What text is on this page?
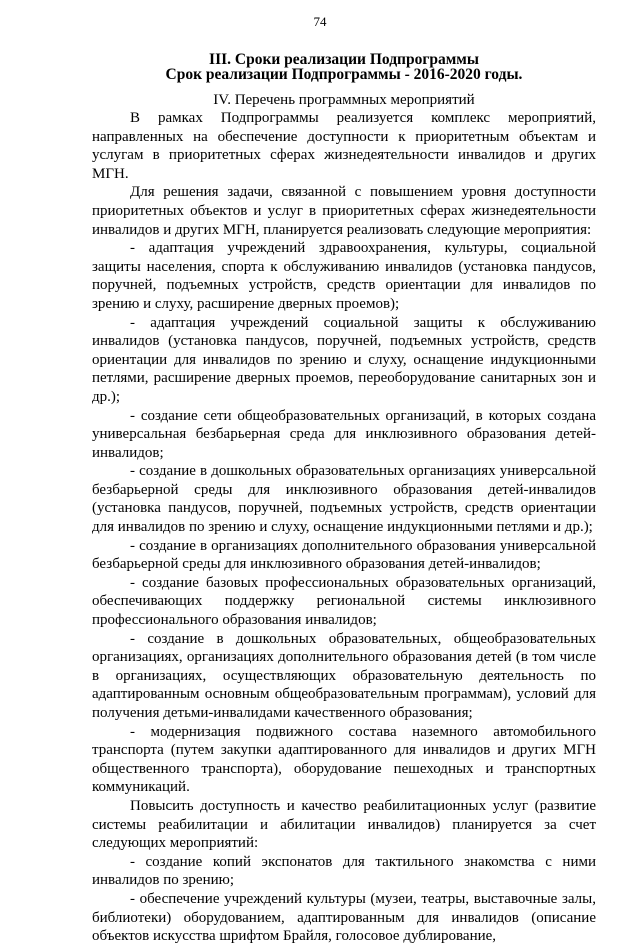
74

III. Сроки реализации Подпрограммы

Срок реализации Подпрограммы - 2016-2020 годы.

IV. Перечень программных мероприятий

В рамках Подпрограммы реализуется комплекс мероприятий, направленных на обеспечение доступности к приоритетным объектам и услугам в приоритетных сферах жизнедеятельности инвалидов и других МГН.

Для решения задачи, связанной с повышением уровня доступности приоритетных объектов и услуг в приоритетных сферах жизнедеятельности инвалидов и других МГН, планируется реализовать следующие мероприятия:

- адаптация учреждений здравоохранения, культуры, социальной защиты населения, спорта к обслуживанию инвалидов (установка пандусов, поручней, подъемных устройств, средств ориентации для инвалидов по зрению и слуху, расширение дверных проемов);

- адаптация учреждений социальной защиты к обслуживанию инвалидов (установка пандусов, поручней, подъемных устройств, средств ориентации для инвалидов по зрению и слуху, оснащение индукционными петлями, расширение дверных проемов, переоборудование санитарных зон и др.);

- создание сети общеобразовательных организаций, в которых создана универсальная безбарьерная среда для инклюзивного образования детей-инвалидов;

- создание в дошкольных образовательных организациях универсальной безбарьерной среды для инклюзивного образования детей-инвалидов (установка пандусов, поручней, подъемных устройств, средств ориентации для инвалидов по зрению и слуху, оснащение индукционными петлями и др.);

- создание в организациях дополнительного образования универсальной безбарьерной среды для инклюзивного образования детей-инвалидов;

- создание базовых профессиональных образовательных организаций, обеспечивающих поддержку региональной системы инклюзивного профессионального образования инвалидов;

- создание в дошкольных образовательных, общеобразовательных организациях, организациях дополнительного образования детей (в том числе в организациях, осуществляющих образовательную деятельность по адаптированным основным общеобразовательным программам), условий для получения детьми-инвалидами качественного образования;

- модернизация подвижного состава наземного автомобильного транспорта (путем закупки адаптированного для инвалидов и других МГН общественного транспорта), оборудование пешеходных и транспортных коммуникаций.

Повысить доступность и качество реабилитационных услуг (развитие системы реабилитации и абилитации инвалидов) планируется за счет следующих мероприятий:

- создание копий экспонатов для тактильного знакомства с ними инвалидов по зрению;

- обеспечение учреждений культуры (музеи, театры, выставочные залы, библиотеки) оборудованием, адаптированным для инвалидов (описание объектов искусства шрифтом Брайля, голосовое дублирование,
